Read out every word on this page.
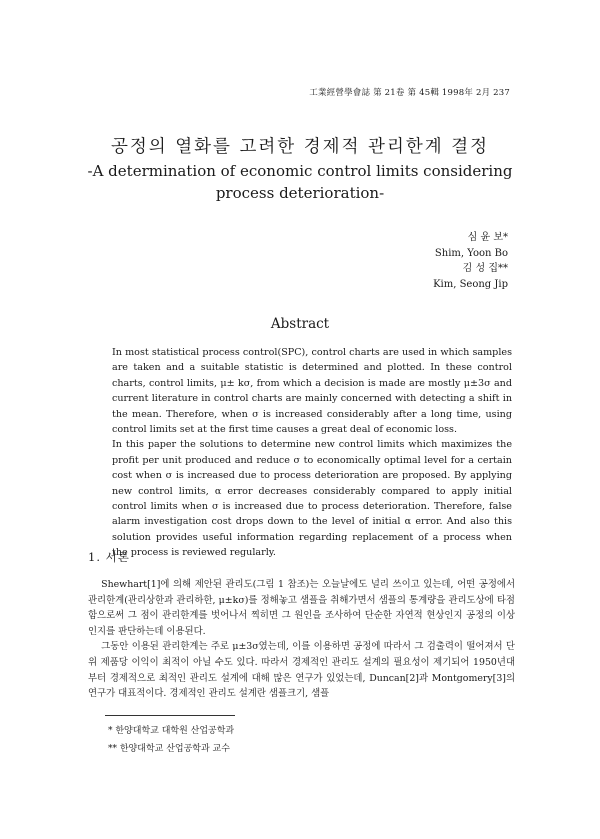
工業經營學會誌 第 21卷 第 45輯 1998年 2月 237
공정의 열화를 고려한 경제적 관리한계 결정
-A determination of economic control limits considering
process deterioration-
심 윤 보*
Shim, Yoon Bo
김 성 집**
Kim, Seong Jip
Abstract

In most statistical process control(SPC), control charts are used in which samples are taken and a suitable statistic is determined and plotted. In these control charts, control limits, μ± kσ, from which a decision is made are mostly μ±3σ and current literature in control charts are mainly concerned with detecting a shift in the mean. Therefore, when σ is increased considerably after a long time, using control limits set at the first time causes a great deal of economic loss.

In this paper the solutions to determine new control limits which maximizes the profit per unit produced and reduce σ to economically optimal level for a certain cost when σ is increased due to process deterioration are proposed. By applying new control limits, α error decreases considerably compared to apply initial control limits when σ is increased due to process deterioration. Therefore, false alarm investigation cost drops down to the level of initial α error. And also this solution provides useful information regarding replacement of a process when the process is reviewed regularly.

1. 서론

Shewhart[1]에 의해 제안된 관리도(그림 1 참조)는 오늘날에도 널리 쓰이고 있는데, 어떤 공정에서 관리한계(관리상한과 관리하한, μ±kσ)를 정해놓고 샘플을 취해가면서 샘플의 통계량을 관리도상에 타점함으로써 그 점이 관리한계를 벗어나서 찍히면 그 원인을 조사하여 단순한 자연적 현상인지 공정의 이상인지를 판단하는데 이용된다.

그동안 이용된 관리한계는 주로 μ±3σ였는데, 이를 이용하면 공정에 따라서 그 검출력이 떨어져서 단위 제품당 이익이 최적이 아닐 수도 있다. 따라서 경제적인 관리도 설계의 필요성이 제기되어 1950년대부터 경제적으로 최적인 관리도 설계에 대해 많은 연구가 있었는데, Duncan[2]과 Montgomery[3]의 연구가 대표적이다. 경제적인 관리도 설계란 샘플크기, 샘플

* 한양대학교 대학원 산업공학과
** 한양대학교 산업공학과 교수
